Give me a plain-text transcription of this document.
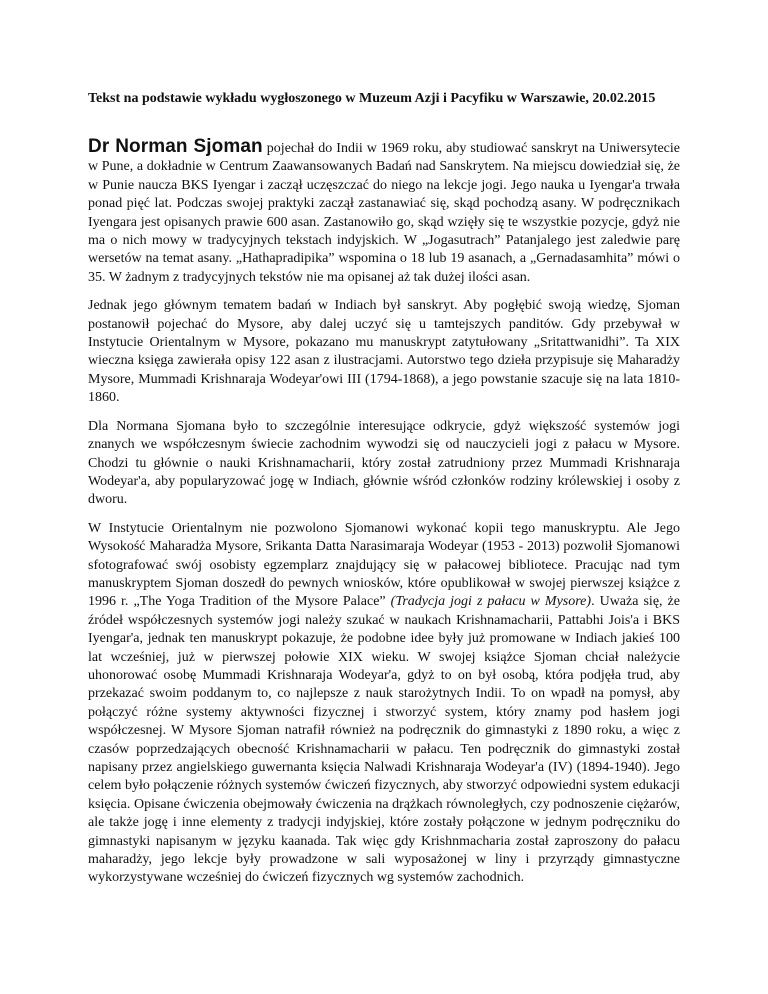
Tekst na podstawie wykładu wygłoszonego w Muzeum Azji i Pacyfiku w Warszawie, 20.02.2015

Dr Norman Sjoman pojechał do Indii w 1969 roku, aby studiować sanskryt na Uniwersytecie w Pune, a dokładnie w Centrum Zaawansowanych Badań nad Sanskrytem. Na miejscu dowiedział się, że w Punie naucza BKS Iyengar i zaczął uczęszczać do niego na lekcje jogi. Jego nauka u Iyengar'a trwała ponad pięć lat. Podczas swojej praktyki zaczął zastanawiać się, skąd pochodzą asany. W podręcznikach Iyengara jest opisanych prawie 600 asan. Zastanowiło go, skąd wzięły się te wszystkie pozycje, gdyż nie ma o nich mowy w tradycyjnych tekstach indyjskich. W „Jogasutrach” Patanjalego jest zaledwie parę wersetów na temat asany. „Hathapradipika” wspomina o 18 lub 19 asanach, a „Gernadasamhita” mówi o 35. W żadnym z tradycyjnych tekstów nie ma opisanej aż tak dużej ilości asan.

Jednak jego głównym tematem badań w Indiach był sanskryt. Aby pogłębić swoją wiedzę, Sjoman postanowił pojechać do Mysore, aby dalej uczyć się u tamtejszych panditów. Gdy przebywał w Instytucie Orientalnym w Mysore, pokazano mu manuskrypt zatytułowany „Sritattwanidhi”. Ta XIX wieczna księga zawierała opisy 122 asan z ilustracjami. Autorstwo tego dzieła przypisuje się Maharadży Mysore, Mummadi Krishnaraja Wodeyar'owi III (1794-1868), a jego powstanie szacuje się na lata 1810-1860.

Dla Normana Sjomana było to szczególnie interesujące odkrycie, gdyż większość systemów jogi znanych we współczesnym świecie zachodnim wywodzi się od nauczycieli jogi z pałacu w Mysore. Chodzi tu głównie o nauki Krishnamacharii, który został zatrudniony przez Mummadi Krishnaraja Wodeyar'a, aby popularyzować jogę w Indiach, głównie wśród członków rodziny królewskiej i osoby z dworu.

W Instytucie Orientalnym nie pozwolono Sjomanowi wykonać kopii tego manuskryptu. Ale Jego Wysokość Maharadża Mysore, Srikanta Datta Narasimaraja Wodeyar (1953 - 2013) pozwolił Sjomanowi sfotografować swój osobisty egzemplarz znajdujący się w pałacowej bibliotece. Pracując nad tym manuskryptem Sjoman doszedł do pewnych wniosków, które opublikował w swojej pierwszej książce z 1996 r. „The Yoga Tradition of the Mysore Palace” (Tradycja jogi z pałacu w Mysore). Uważa się, że źródeł współczesnych systemów jogi należy szukać w naukach Krishnamacharii, Pattabhi Jois'a i BKS Iyengar'a, jednak ten manuskrypt pokazuje, że podobne idee były już promowane w Indiach jakieś 100 lat wcześniej, już w pierwszej połowie XIX wieku. W swojej książce Sjoman chciał należycie uhonorować osobę Mummadi Krishnaraja Wodeyar'a, gdyż to on był osobą, która podjęła trud, aby przekazać swoim poddanym to, co najlepsze z nauk starożytnych Indii. To on wpadł na pomysł, aby połączyć różne systemy aktywności fizycznej i stworzyć system, który znamy pod hasłem jogi współczesnej. W Mysore Sjoman natrafił również na podręcznik do gimnastyki z 1890 roku, a więc z czasów poprzedzających obecność Krishnamacharii w pałacu. Ten podręcznik do gimnastyki został napisany przez angielskiego guwernanta księcia Nalwadi Krishnaraja Wodeyar'a (IV) (1894-1940). Jego celem było połączenie różnych systemów ćwiczeń fizycznych, aby stworzyć odpowiedni system edukacji księcia. Opisane ćwiczenia obejmowały ćwiczenia na drążkach równoległych, czy podnoszenie ciężarów, ale także jogę i inne elementy z tradycji indyjskiej, które zostały połączone w jednym podręczniku do gimnastyki napisanym w języku kaanada. Tak więc gdy Krishnmacharia został zaproszony do pałacu maharadży, jego lekcje były prowadzone w sali wyposażonej w liny i przyrządy gimnastyczne wykorzystywane wcześniej do ćwiczeń fizycznych wg systemów zachodnich.
